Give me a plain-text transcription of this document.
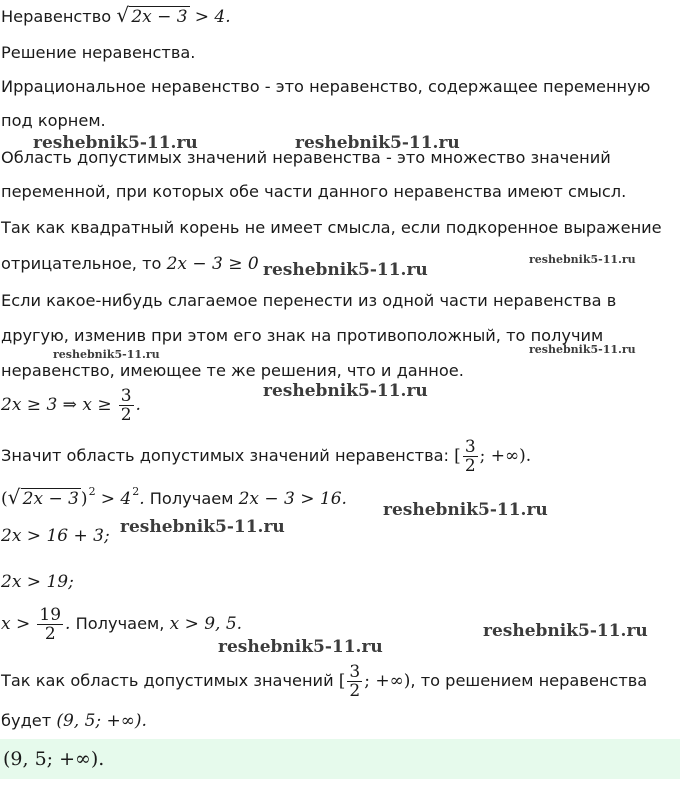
Неравенство √ 2x − 3 > 4.
Решение неравенства.
Иррациональное неравенство - это неравенство, содержащее переменную
под корнем.
Область допустимых значений неравенства - это множество значений
переменной, при которых обе части данного неравенства имеют смысл.
Так как квадратный корень не имеет смысла, если подкоренное выражение
отрицательное, то 2x − 3 ≥ 0
Если какое-нибудь слагаемое перенести из одной части неравенства в
другую, изменив при этом его знак на противоположный, то получим
неравенство, имеющее те же решения, что и данное.
2x ≥ 3 ⇒ $x \ge \frac{3}{2}$ .
Значит область допустимых значений неравенства: [ $\frac{3}{2}$ ; +∞).
( √ 2x − 3 )$^2 > 4^2$. Получаем 2x − 3 > 16.
2x > 16 + 3;
2x > 19;
$x > \frac{19}{2}$ . Получаем, x > 9, 5.
Так как область допустимых значений [ $\frac{3}{2}$ ; +∞), то решением неравенства
будет (9, 5; +∞).
(9, 5; +∞).
reshebnik5-11.ru	reshebnik5-11.ru
reshebnik5-11.ru
reshebnik5-11.ru
reshebnik5-11.ru
reshebnik5-11.ru
reshebnik5-11.ru
reshebnik5-11.ru
reshebnik5-11.ru
reshebnik5-11.ru
reshebnik5-11.ru
